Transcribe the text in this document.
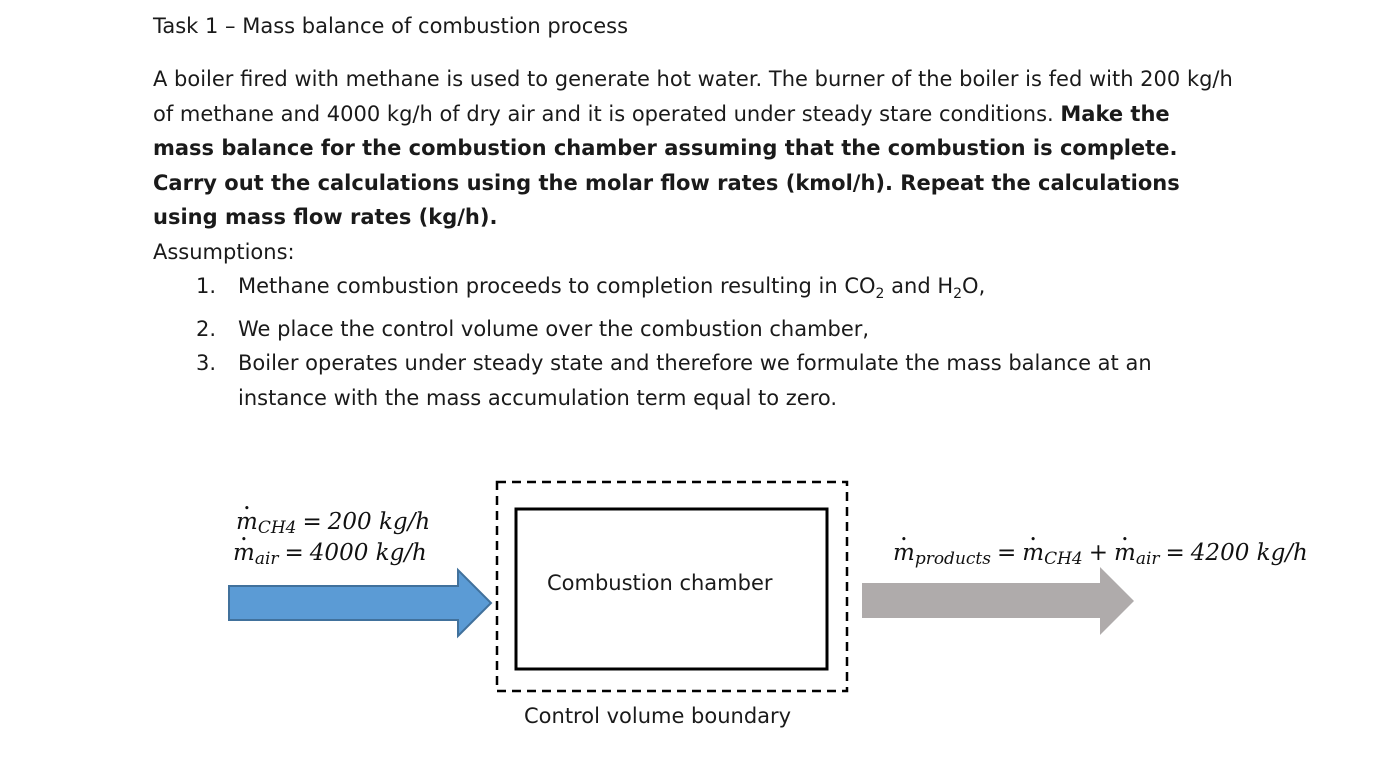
Task 1 – Mass balance of combustion process
A boiler fired with methane is used to generate hot water. The burner of the boiler is fed with 200 kg/h of methane and 4000 kg/h of dry air and it is operated under steady stare conditions. Make the mass balance for the combustion chamber assuming that the combustion is complete. Carry out the calculations using the molar flow rates (kmol/h). Repeat the calculations using mass flow rates (kg/h).
Assumptions:
1. Methane combustion proceeds to completion resulting in $CO_2$ and $H_2O$,
2. We place the control volume over the combustion chamber,
3. Boiler operates under steady state and therefore we formulate the mass balance at an instance with the mass accumulation term equal to zero.
• $m_{CH4} = 200$ kg/h
• $m_{air} = 4000$ kg/h	• $m_{products}$ = • $m_{CH4}$ + • $m_{air} = 4200$ kg/h
Combustion chamber
Control volume boundary
